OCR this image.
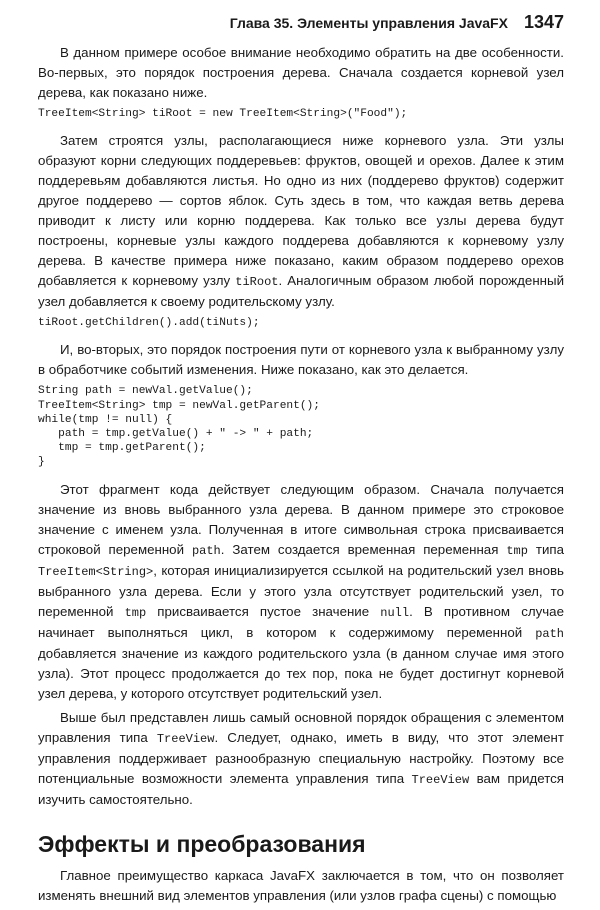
Глава 35. Элементы управления JavaFX 1347

В данном примере особое внимание необходимо обратить на две особенности. Во-первых, это порядок построения дерева. Сначала создается корневой узел дерева, как показано ниже.

TreeItem<String> tiRoot = new TreeItem<String>("Food");

Затем строятся узлы, располагающиеся ниже корневого узла. Эти узлы образуют корни следующих поддеревьев: фруктов, овощей и орехов. Далее к этим поддеревьям добавляются листья. Но одно из них (поддерево фруктов) содержит другое поддерево — сортов яблок. Суть здесь в том, что каждая ветвь дерева приводит к листу или корню поддерева. Как только все узлы дерева будут построены, корневые узлы каждого поддерева добавляются к корневому узлу дерева. В качестве примера ниже показано, каким образом поддерево орехов добавляется к корневому узлу tiRoot. Аналогичным образом любой порожденный узел добавляется к своему родительскому узлу.

tiRoot.getChildren().add(tiNuts);

И, во-вторых, это порядок построения пути от корневого узла к выбранному узлу в обработчике событий изменения. Ниже показано, как это делается.

String path = newVal.getValue();
TreeItem<String> tmp = newVal.getParent();
while(tmp != null) {
path = tmp.getValue() + " -> " + path;
tmp = tmp.getParent();
}

Этот фрагмент кода действует следующим образом. Сначала получается значение из вновь выбранного узла дерева. В данном примере это строковое значение с именем узла. Полученная в итоге символьная строка присваивается строковой переменной path. Затем создается временная переменная tmp типа TreeItem<String>, которая инициализируется ссылкой на родительский узел вновь выбранного узла дерева. Если у этого узла отсутствует родительский узел, то переменной tmp присваивается пустое значение null. В противном случае начинает выполняться цикл, в котором к содержимому переменной path добавляется значение из каждого родительского узла (в данном случае имя этого узла). Этот процесс продолжается до тех пор, пока не будет достигнут корневой узел дерева, у которого отсутствует родительский узел.

Выше был представлен лишь самый основной порядок обращения с элементом управления типа TreeView. Следует, однако, иметь в виду, что этот элемент управления поддерживает разнообразную специальную настройку. Поэтому все потенциальные возможности элемента управления типа TreeView вам придется изучить самостоятельно.

Эффекты и преобразования

Главное преимущество каркаса JavaFX заключается в том, что он позволяет изменять внешний вид элементов управления (или узлов графа сцены) с помощью
